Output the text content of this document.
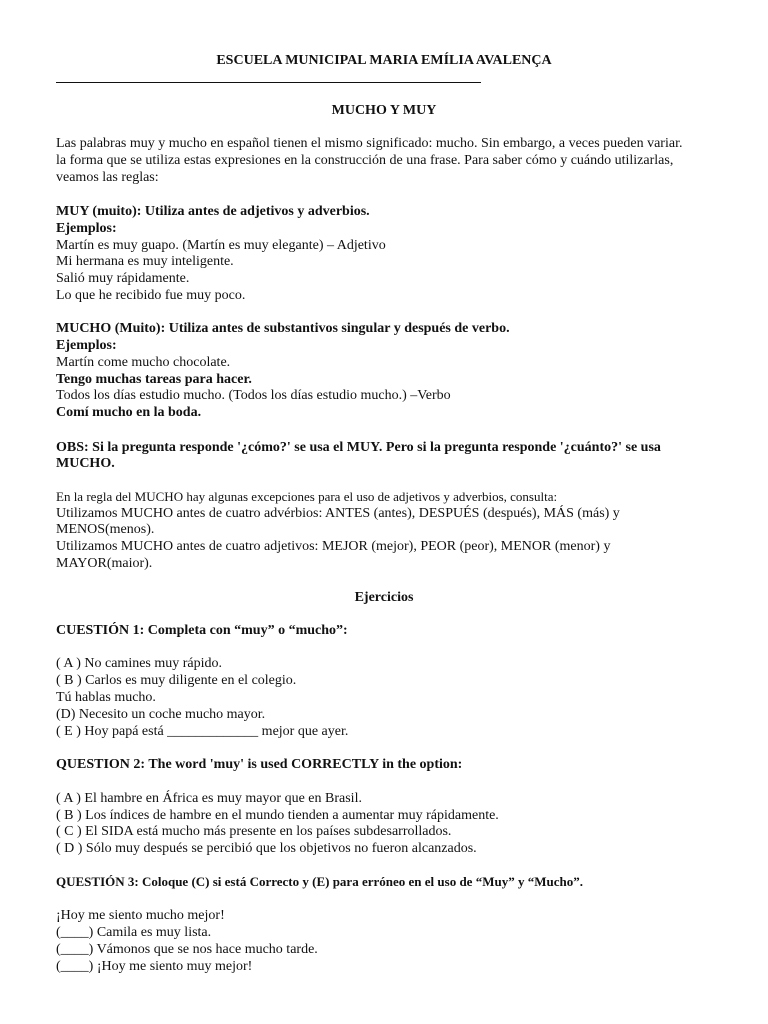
ESCUELA MUNICIPAL MARIA EMÍLIA AVALENÇA
MUCHO Y MUY
Las palabras muy y mucho en español tienen el mismo significado: mucho. Sin embargo, a veces pueden variar.
la forma que se utiliza estas expresiones en la construcción de una frase. Para saber cómo y cuándo utilizarlas,
veamos las reglas:
MUY (muito): Utiliza antes de adjetivos y adverbios.
Ejemplos:
Martín es muy guapo. (Martín es muy elegante) – Adjetivo
Mi hermana es muy inteligente.
Salió muy rápidamente.
Lo que he recibido fue muy poco.
MUCHO (Muito): Utiliza antes de substantivos singular y después de verbo.
Ejemplos:
Martín come mucho chocolate.
Tengo muchas tareas para hacer.
Todos los días estudio mucho. (Todos los días estudio mucho.) –Verbo
Comí mucho en la boda.
OBS: Si la pregunta responde '¿cómo?' se usa el MUY. Pero si la pregunta responde '¿cuánto?' se usa
MUCHO.
En la regla del MUCHO hay algunas excepciones para el uso de adjetivos y adverbios, consulta:
Utilizamos MUCHO antes de cuatro advérbios: ANTES (antes), DESPUÉS (después), MÁS (más) y
MENOS(menos).
Utilizamos MUCHO antes de cuatro adjetivos: MEJOR (mejor), PEOR (peor), MENOR (menor) y
MAYOR(maior).
Ejercicios
CUESTIÓN 1: Completa con “muy” o “mucho”:
( A ) No camines muy rápido.
( B ) Carlos es muy diligente en el colegio.
Tú hablas mucho.
(D) Necesito un coche mucho mayor.
( E ) Hoy papá está _____________ mejor que ayer.
QUESTION 2: The word 'muy' is used CORRECTLY in the option:
( A ) El hambre en África es muy mayor que en Brasil.
( B ) Los índices de hambre en el mundo tienden a aumentar muy rápidamente.
( C ) El SIDA está mucho más presente en los países subdesarrollados.
( D ) Sólo muy después se percibió que los objetivos no fueron alcanzados.
QUESTIÓN 3: Coloque (C) si está Correcto y (E) para erróneo en el uso de “Muy” y “Mucho”.
¡Hoy me siento mucho mejor!
(____) Camila es muy lista.
(____) Vámonos que se nos hace mucho tarde.
(____) ¡Hoy me siento muy mejor!
